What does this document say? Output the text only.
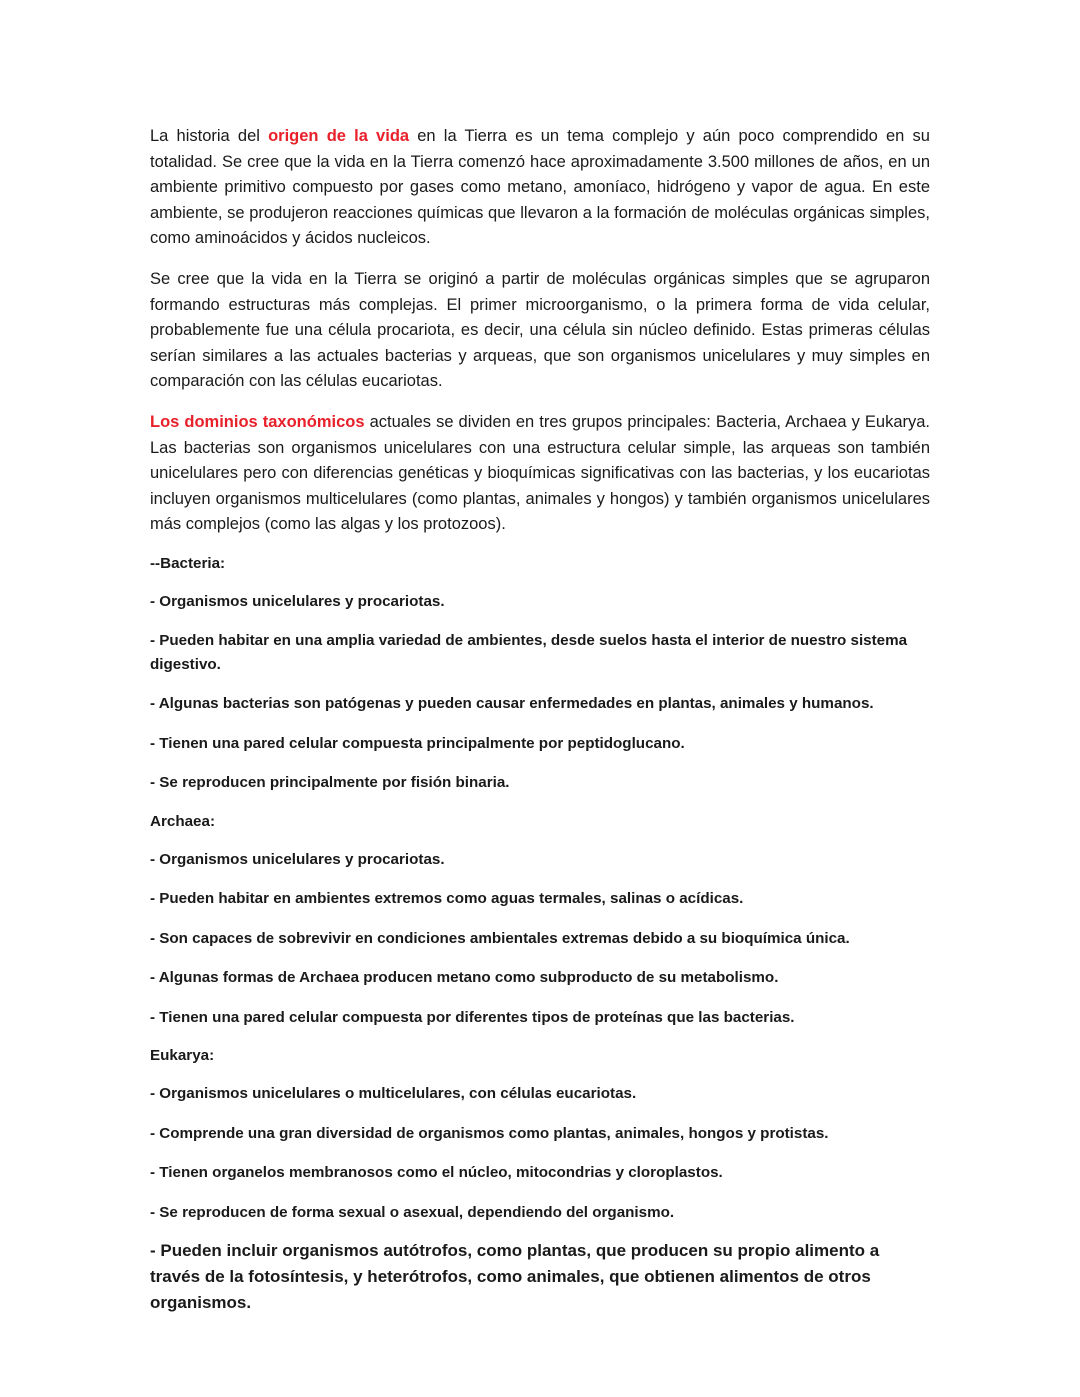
La historia del origen de la vida en la Tierra es un tema complejo y aún poco comprendido en su totalidad. Se cree que la vida en la Tierra comenzó hace aproximadamente 3.500 millones de años, en un ambiente primitivo compuesto por gases como metano, amoníaco, hidrógeno y vapor de agua. En este ambiente, se produjeron reacciones químicas que llevaron a la formación de moléculas orgánicas simples, como aminoácidos y ácidos nucleicos.

Se cree que la vida en la Tierra se originó a partir de moléculas orgánicas simples que se agruparon formando estructuras más complejas. El primer microorganismo, o la primera forma de vida celular, probablemente fue una célula procariota, es decir, una célula sin núcleo definido. Estas primeras células serían similares a las actuales bacterias y arqueas, que son organismos unicelulares y muy simples en comparación con las células eucariotas.

Los dominios taxonómicos actuales se dividen en tres grupos principales: Bacteria, Archaea y Eukarya. Las bacterias son organismos unicelulares con una estructura celular simple, las arqueas son también unicelulares pero con diferencias genéticas y bioquímicas significativas con las bacterias, y los eucariotas incluyen organismos multicelulares (como plantas, animales y hongos) y también organismos unicelulares más complejos (como las algas y los protozoos).

--Bacteria:

- Organismos unicelulares y procariotas.

- Pueden habitar en una amplia variedad de ambientes, desde suelos hasta el interior de nuestro sistema digestivo.

- Algunas bacterias son patógenas y pueden causar enfermedades en plantas, animales y humanos.

- Tienen una pared celular compuesta principalmente por peptidoglucano.

- Se reproducen principalmente por fisión binaria.

Archaea:

- Organismos unicelulares y procariotas.

- Pueden habitar en ambientes extremos como aguas termales, salinas o acídicas.

- Son capaces de sobrevivir en condiciones ambientales extremas debido a su bioquímica única.

- Algunas formas de Archaea producen metano como subproducto de su metabolismo.

- Tienen una pared celular compuesta por diferentes tipos de proteínas que las bacterias.

Eukarya:

- Organismos unicelulares o multicelulares, con células eucariotas.

- Comprende una gran diversidad de organismos como plantas, animales, hongos y protistas.

- Tienen organelos membranosos como el núcleo, mitocondrias y cloroplastos.

- Se reproducen de forma sexual o asexual, dependiendo del organismo.

- Pueden incluir organismos autótrofos, como plantas, que producen su propio alimento a través de la fotosíntesis, y heterótrofos, como animales, que obtienen alimentos de otros organismos.
